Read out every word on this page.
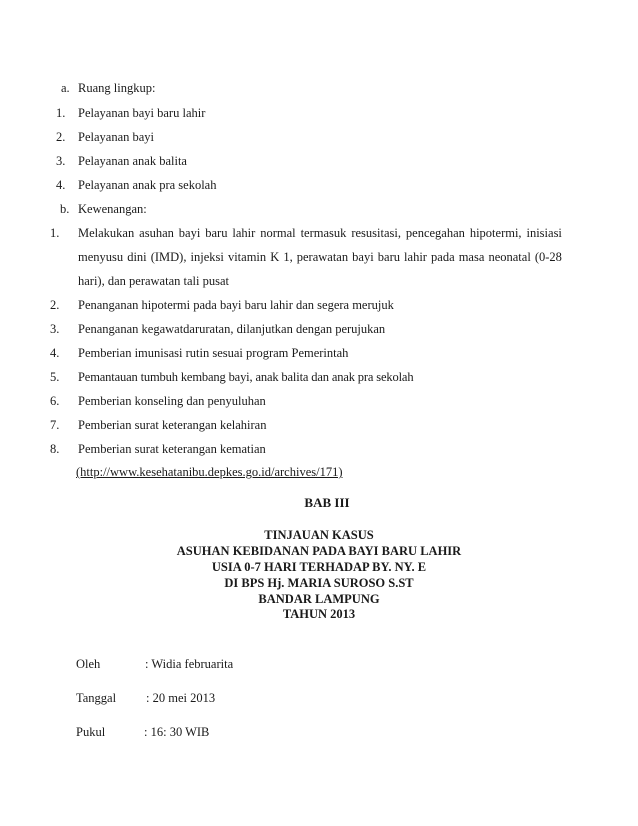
a. Ruang lingkup:
1. Pelayanan bayi baru lahir
2. Pelayanan bayi
3. Pelayanan anak balita
4. Pelayanan anak pra sekolah
b. Kewenangan:
1. Melakukan asuhan bayi baru lahir normal termasuk resusitasi, pencegahan hipotermi, inisiasi
menyusu dini (IMD), injeksi vitamin K 1, perawatan bayi baru lahir pada masa neonatal (0-28
hari), dan perawatan tali pusat
2. Penanganan hipotermi pada bayi baru lahir dan segera merujuk
3. Penanganan kegawatdaruratan, dilanjutkan dengan perujukan
4. Pemberian imunisasi rutin sesuai program Pemerintah
5. Pemantauan tumbuh kembang bayi, anak balita dan anak pra sekolah
6. Pemberian konseling dan penyuluhan
7. Pemberian surat keterangan kelahiran
8. Pemberian surat keterangan kematian
(http://www.kesehatanibu.depkes.go.id/archives/171)
BAB III
TINJAUAN KASUS
ASUHAN KEBIDANAN PADA BAYI BARU LAHIR
USIA 0-7 HARI TERHADAP BY. NY. E
DI BPS Hj. MARIA SUROSO S.ST
BANDAR LAMPUNG
TAHUN 2013
Oleh	: Widia februarita
Tanggal : 20 mei 2013
Pukul	: 16: 30 WIB
